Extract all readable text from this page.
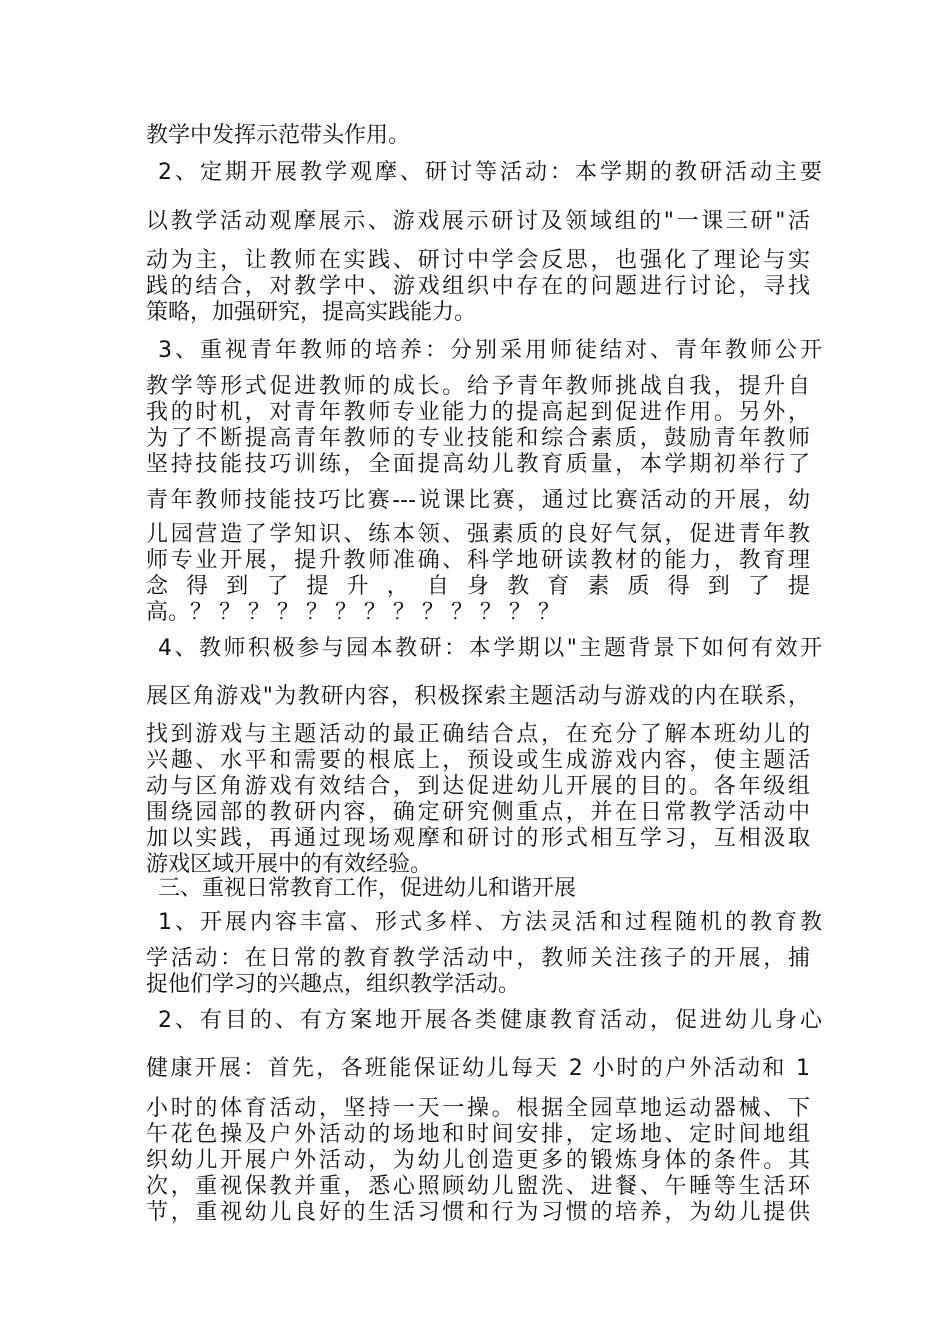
教学中发挥示范带头作用。
2、定期开展教学观摩、研讨等活动：本学期的教研活动主要
以教学活动观摩展示、游戏展示研讨及领域组的"一课三研"活
动为主，让教师在实践、研讨中学会反思，也强化了理论与实
践的结合，对教学中、游戏组织中存在的问题进行讨论，寻找
策略，加强研究，提高实践能力。
3、重视青年教师的培养：分别采用师徒结对、青年教师公开
教学等形式促进教师的成长。给予青年教师挑战自我，提升自
我的时机，对青年教师专业能力的提高起到促进作用。另外，
为了不断提高青年教师的专业技能和综合素质，鼓励青年教师
坚持技能技巧训练，全面提高幼儿教育质量，本学期初举行了
青年教师技能技巧比赛---说课比赛，通过比赛活动的开展，幼
儿园营造了学知识、练本领、强素质的良好气氛，促进青年教
师专业开展，提升教师准确、科学地研读教材的能力，教育理
念 得 到 了 提 升 ， 自 身 教 育 素 质 得 到 了 提
高。？ ？ ？ ？ ？ ？ ？ ？ ？ ？ ？ ？ ？
4、教师积极参与园本教研：本学期以"主题背景下如何有效开
展区角游戏"为教研内容，积极探索主题活动与游戏的内在联系，
找到游戏与主题活动的最正确结合点，在充分了解本班幼儿的
兴趣、水平和需要的根底上，预设或生成游戏内容，使主题活
动与区角游戏有效结合，到达促进幼儿开展的目的。各年级组
围绕园部的教研内容，确定研究侧重点，并在日常教学活动中
加以实践，再通过现场观摩和研讨的形式相互学习，互相汲取
游戏区域开展中的有效经验。
三、重视日常教育工作，促进幼儿和谐开展
1、开展内容丰富、形式多样、方法灵活和过程随机的教育教
学活动：在日常的教育教学活动中，教师关注孩子的开展，捕
捉他们学习的兴趣点，组织教学活动。
2、有目的、有方案地开展各类健康教育活动，促进幼儿身心
健康开展：首先，各班能保证幼儿每天 2 小时的户外活动和 1
小时的体育活动，坚持一天一操。根据全园草地运动器械、下
午花色操及户外活动的场地和时间安排，定场地、定时间地组
织幼儿开展户外活动，为幼儿创造更多的锻炼身体的条件。其
次，重视保教并重，悉心照顾幼儿盥洗、进餐、午睡等生活环
节，重视幼儿良好的生活习惯和行为习惯的培养，为幼儿提供
